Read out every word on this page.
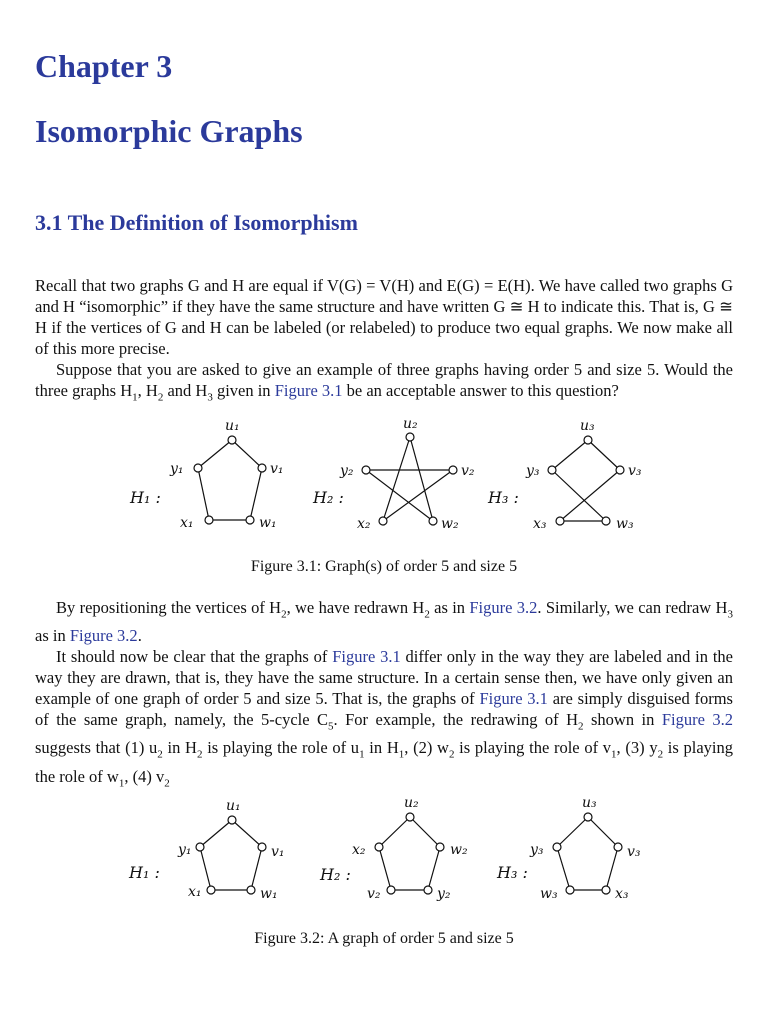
Chapter 3
Isomorphic Graphs
3.1 The Definition of Isomorphism

Recall that two graphs G and H are equal if V(G) = V(H) and E(G) = E(H). We have called two graphs G and H “isomorphic” if they have the same structure and have written G ≅ H to indicate this. That is, G ≅ H if the vertices of G and H can be labeled (or relabeled) to produce two equal graphs. We now make all of this more precise.

Suppose that you are asked to give an example of three graphs having order 5 and size 5. Would the three graphs $H_1$, $H_2$ and $H_3$ given in Figure 3.1 be an acceptable answer to this question?

u₁
v₁
w₁
x₁
y₁
H₁ :
u₂
v₂
w₂
x₂
y₂
H₂ :
u₃
v₃
w₃
x₃
y₃
H₃ :
Figure 3.1: Graph(s) of order 5 and size 5

By repositioning the vertices of $H_2$, we have redrawn $H_2$ as in Figure 3.2. Similarly, we can redraw $H_3$ as in Figure 3.2.

It should now be clear that the graphs of Figure 3.1 differ only in the way they are labeled and in the way they are drawn, that is, they have the same structure. In a certain sense then, we have only given an example of one graph of order 5 and size 5. That is, the graphs of Figure 3.1 are simply disguised forms of the same graph, namely, the 5-cycle $C_5$. For example, the redrawing of $H_2$ shown in Figure 3.2 suggests that (1) $u_2$ in $H_2$ is playing the role of $u_1$ in $H_1$, (2) $w_2$ is playing the role of $v_1$, (3) $y_2$ is playing the role of $w_1$, (4) $v_2$

u₁
v₁
w₁
x₁
y₁
H₁ :
u₂
w₂
y₂
v₂
x₂
H₂ :
u₃
v₃
x₃
w₃
y₃
H₃ :
Figure 3.2: A graph of order 5 and size 5
